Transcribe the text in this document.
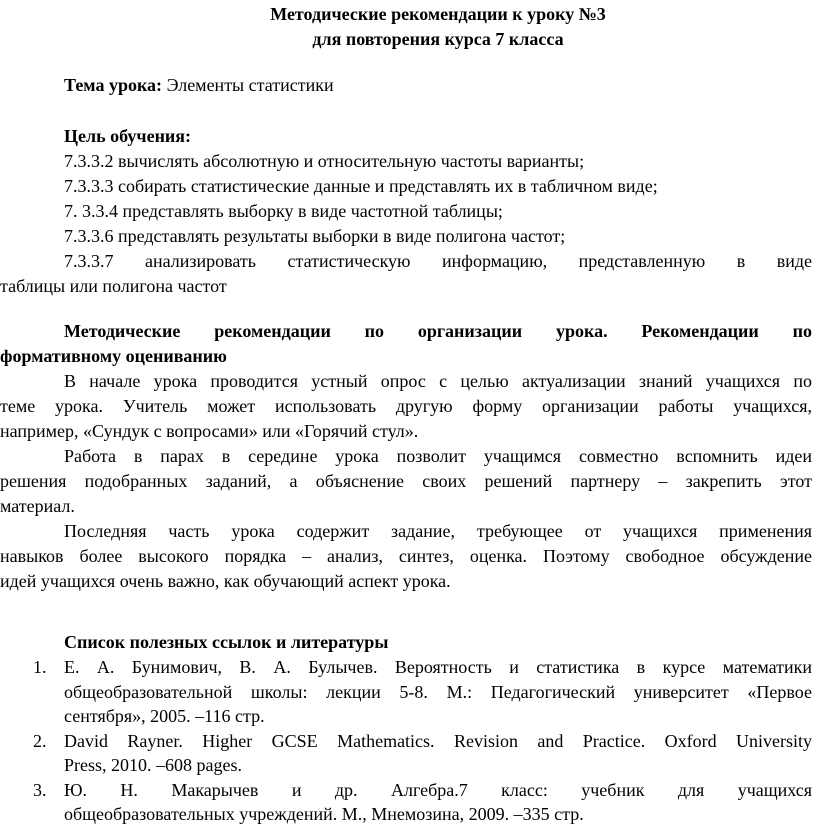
Методические рекомендации к уроку №3
для повторения курса 7 класса

Тема урока: Элементы статистики

Цель обучения:

7.3.3.2 вычислять абсолютную и относительную частоты варианты;
7.3.3.3 собирать статистические данные и представлять их в табличном виде;
7. 3.3.4 представлять выборку в виде частотной таблицы;
7.3.3.6 представлять результаты выборки в виде полигона частот;
7.3.3.7 анализировать статистическую информацию, представленную в виде
таблицы или полигона частот
Методические рекомендации по организации урока. Рекомендации по
формативному оцениванию
В начале урока проводится устный опрос с целью актуализации знаний учащихся по
теме урока. Учитель может использовать другую форму организации работы учащихся,
например, «Сундук с вопросами» или «Горячий стул».
Работа в парах в середине урока позволит учащимся совместно вспомнить идеи
решения подобранных заданий, а объяснение своих решений партнеру – закрепить этот
материал.
Последняя часть урока содержит задание, требующее от учащихся применения
навыков более высокого порядка – анализ, синтез, оценка. Поэтому свободное обсуждение
идей учащихся очень важно, как обучающий аспект урока.

Список полезных ссылок и литературы

1. Е. А. Бунимович, В. А. Булычев. Вероятность и статистика в курсе математики
общеобразовательной школы: лекции 5-8. М.: Педагогический университет «Первое
сентября», 2005. –116 стр.
2. David Rayner. Higher GCSE Mathematics. Revision and Practice. Oxford University
Press, 2010. –608 pages.
3. Ю. Н. Макарычев и др. Алгебра.7 класс: учебник для учащихся
общеобразовательных учреждений. М., Мнемозина, 2009. –335 стр.
